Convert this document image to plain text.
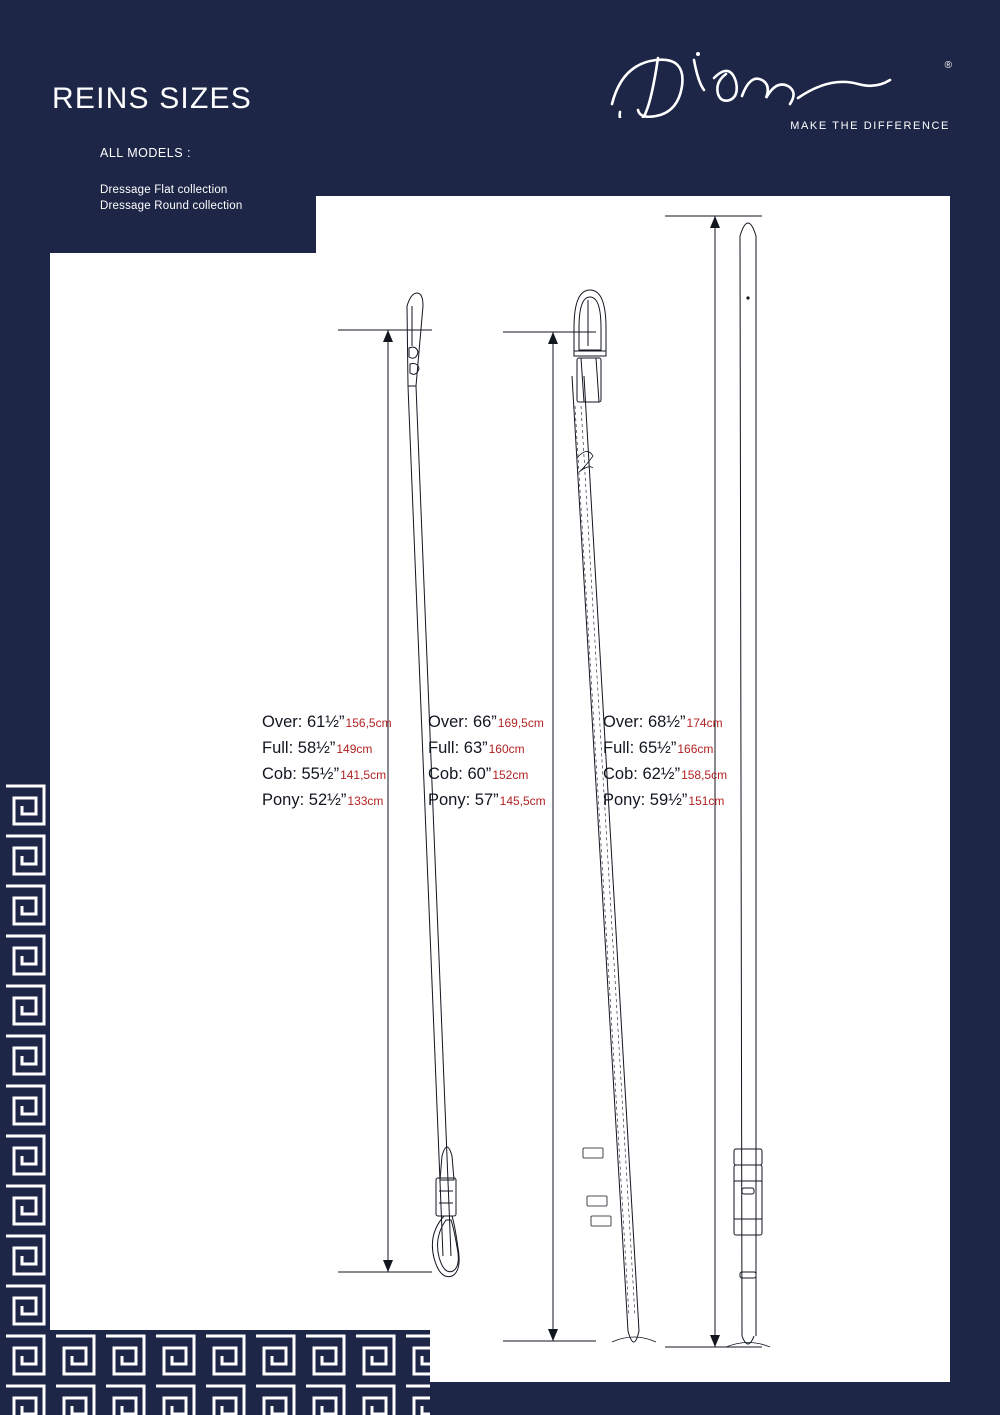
REINS SIZES
ALL MODELS :
Dressage Flat collection
Dressage Round collection
®
MAKE THE DIFFERENCE
Over: 61½”156,5cm
Full: 58½”149cm
Cob: 55½”141,5cm
Pony: 52½”133cm
Over: 66”169,5cm
Full: 63”160cm
Cob: 60”152cm
Pony: 57”145,5cm
Over: 68½”174cm
Full: 65½”166cm
Cob: 62½”158,5cm
Pony: 59½”151cm
